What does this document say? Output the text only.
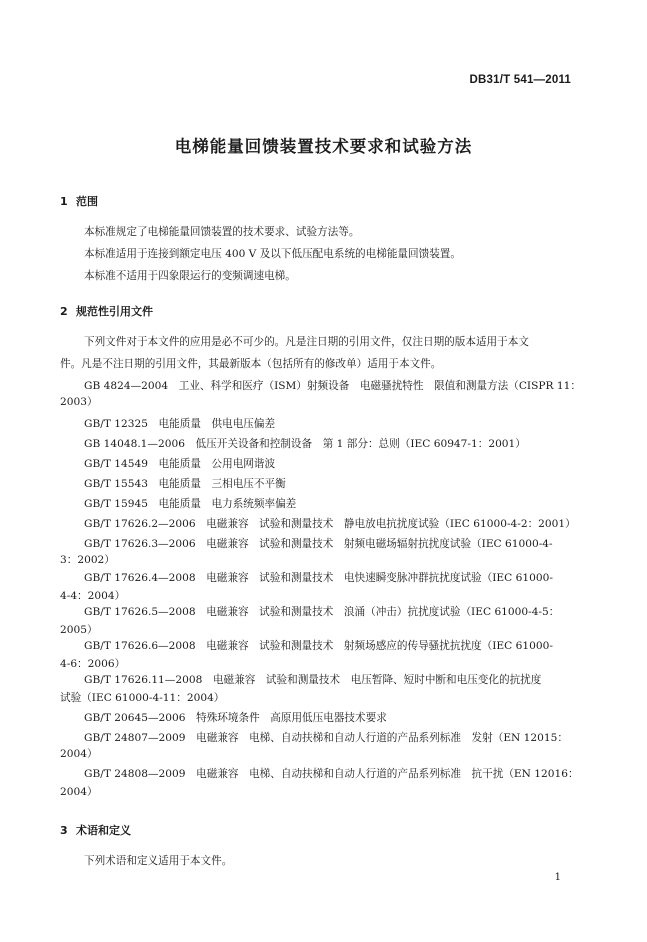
DB31/T 541—2011
电梯能量回馈装置技术要求和试验方法
1 范围
本标准规定了电梯能量回馈装置的技术要求、试验方法等。
本标准适用于连接到额定电压 400 V 及以下低压配电系统的电梯能量回馈装置。
本标准不适用于四象限运行的变频调速电梯。
2 规范性引用文件
下列文件对于本文件的应用是必不可少的。凡是注日期的引用文件，仅注日期的版本适用于本文
件。凡是不注日期的引用文件，其最新版本（包括所有的修改单）适用于本文件。
GB 4824—2004　工业、科学和医疗（ISM）射频设备　电磁骚扰特性　限值和测量方法（CISPR 11：
2003）
GB/T 12325　电能质量　供电电压偏差
GB 14048.1—2006　低压开关设备和控制设备　第 1 部分：总则（IEC 60947-1：2001）
GB/T 14549　电能质量　公用电网谐波
GB/T 15543　电能质量　三相电压不平衡
GB/T 15945　电能质量　电力系统频率偏差
GB/T 17626.2—2006　电磁兼容　试验和测量技术　静电放电抗扰度试验（IEC 61000-4-2：2001）
GB/T 17626.3—2006　电磁兼容　试验和测量技术　射频电磁场辐射抗扰度试验（IEC 61000-4-
3：2002）
GB/T 17626.4—2008　电磁兼容　试验和测量技术　电快速瞬变脉冲群抗扰度试验（IEC 61000-
4-4：2004）
GB/T 17626.5—2008　电磁兼容　试验和测量技术　浪涌（冲击）抗扰度试验（IEC 61000-4-5：
2005）
GB/T 17626.6—2008　电磁兼容　试验和测量技术　射频场感应的传导骚扰抗扰度（IEC 61000-
4-6：2006）
GB/T 17626.11—2008　电磁兼容　试验和测量技术　电压暂降、短时中断和电压变化的抗扰度
试验（IEC 61000-4-11：2004）
GB/T 20645—2006　特殊环境条件　高原用低压电器技术要求
GB/T 24807—2009　电磁兼容　电梯、自动扶梯和自动人行道的产品系列标准　发射（EN 12015：
2004）
GB/T 24808—2009　电磁兼容　电梯、自动扶梯和自动人行道的产品系列标准　抗干扰（EN 12016：
2004）
3 术语和定义
下列术语和定义适用于本文件。
1
